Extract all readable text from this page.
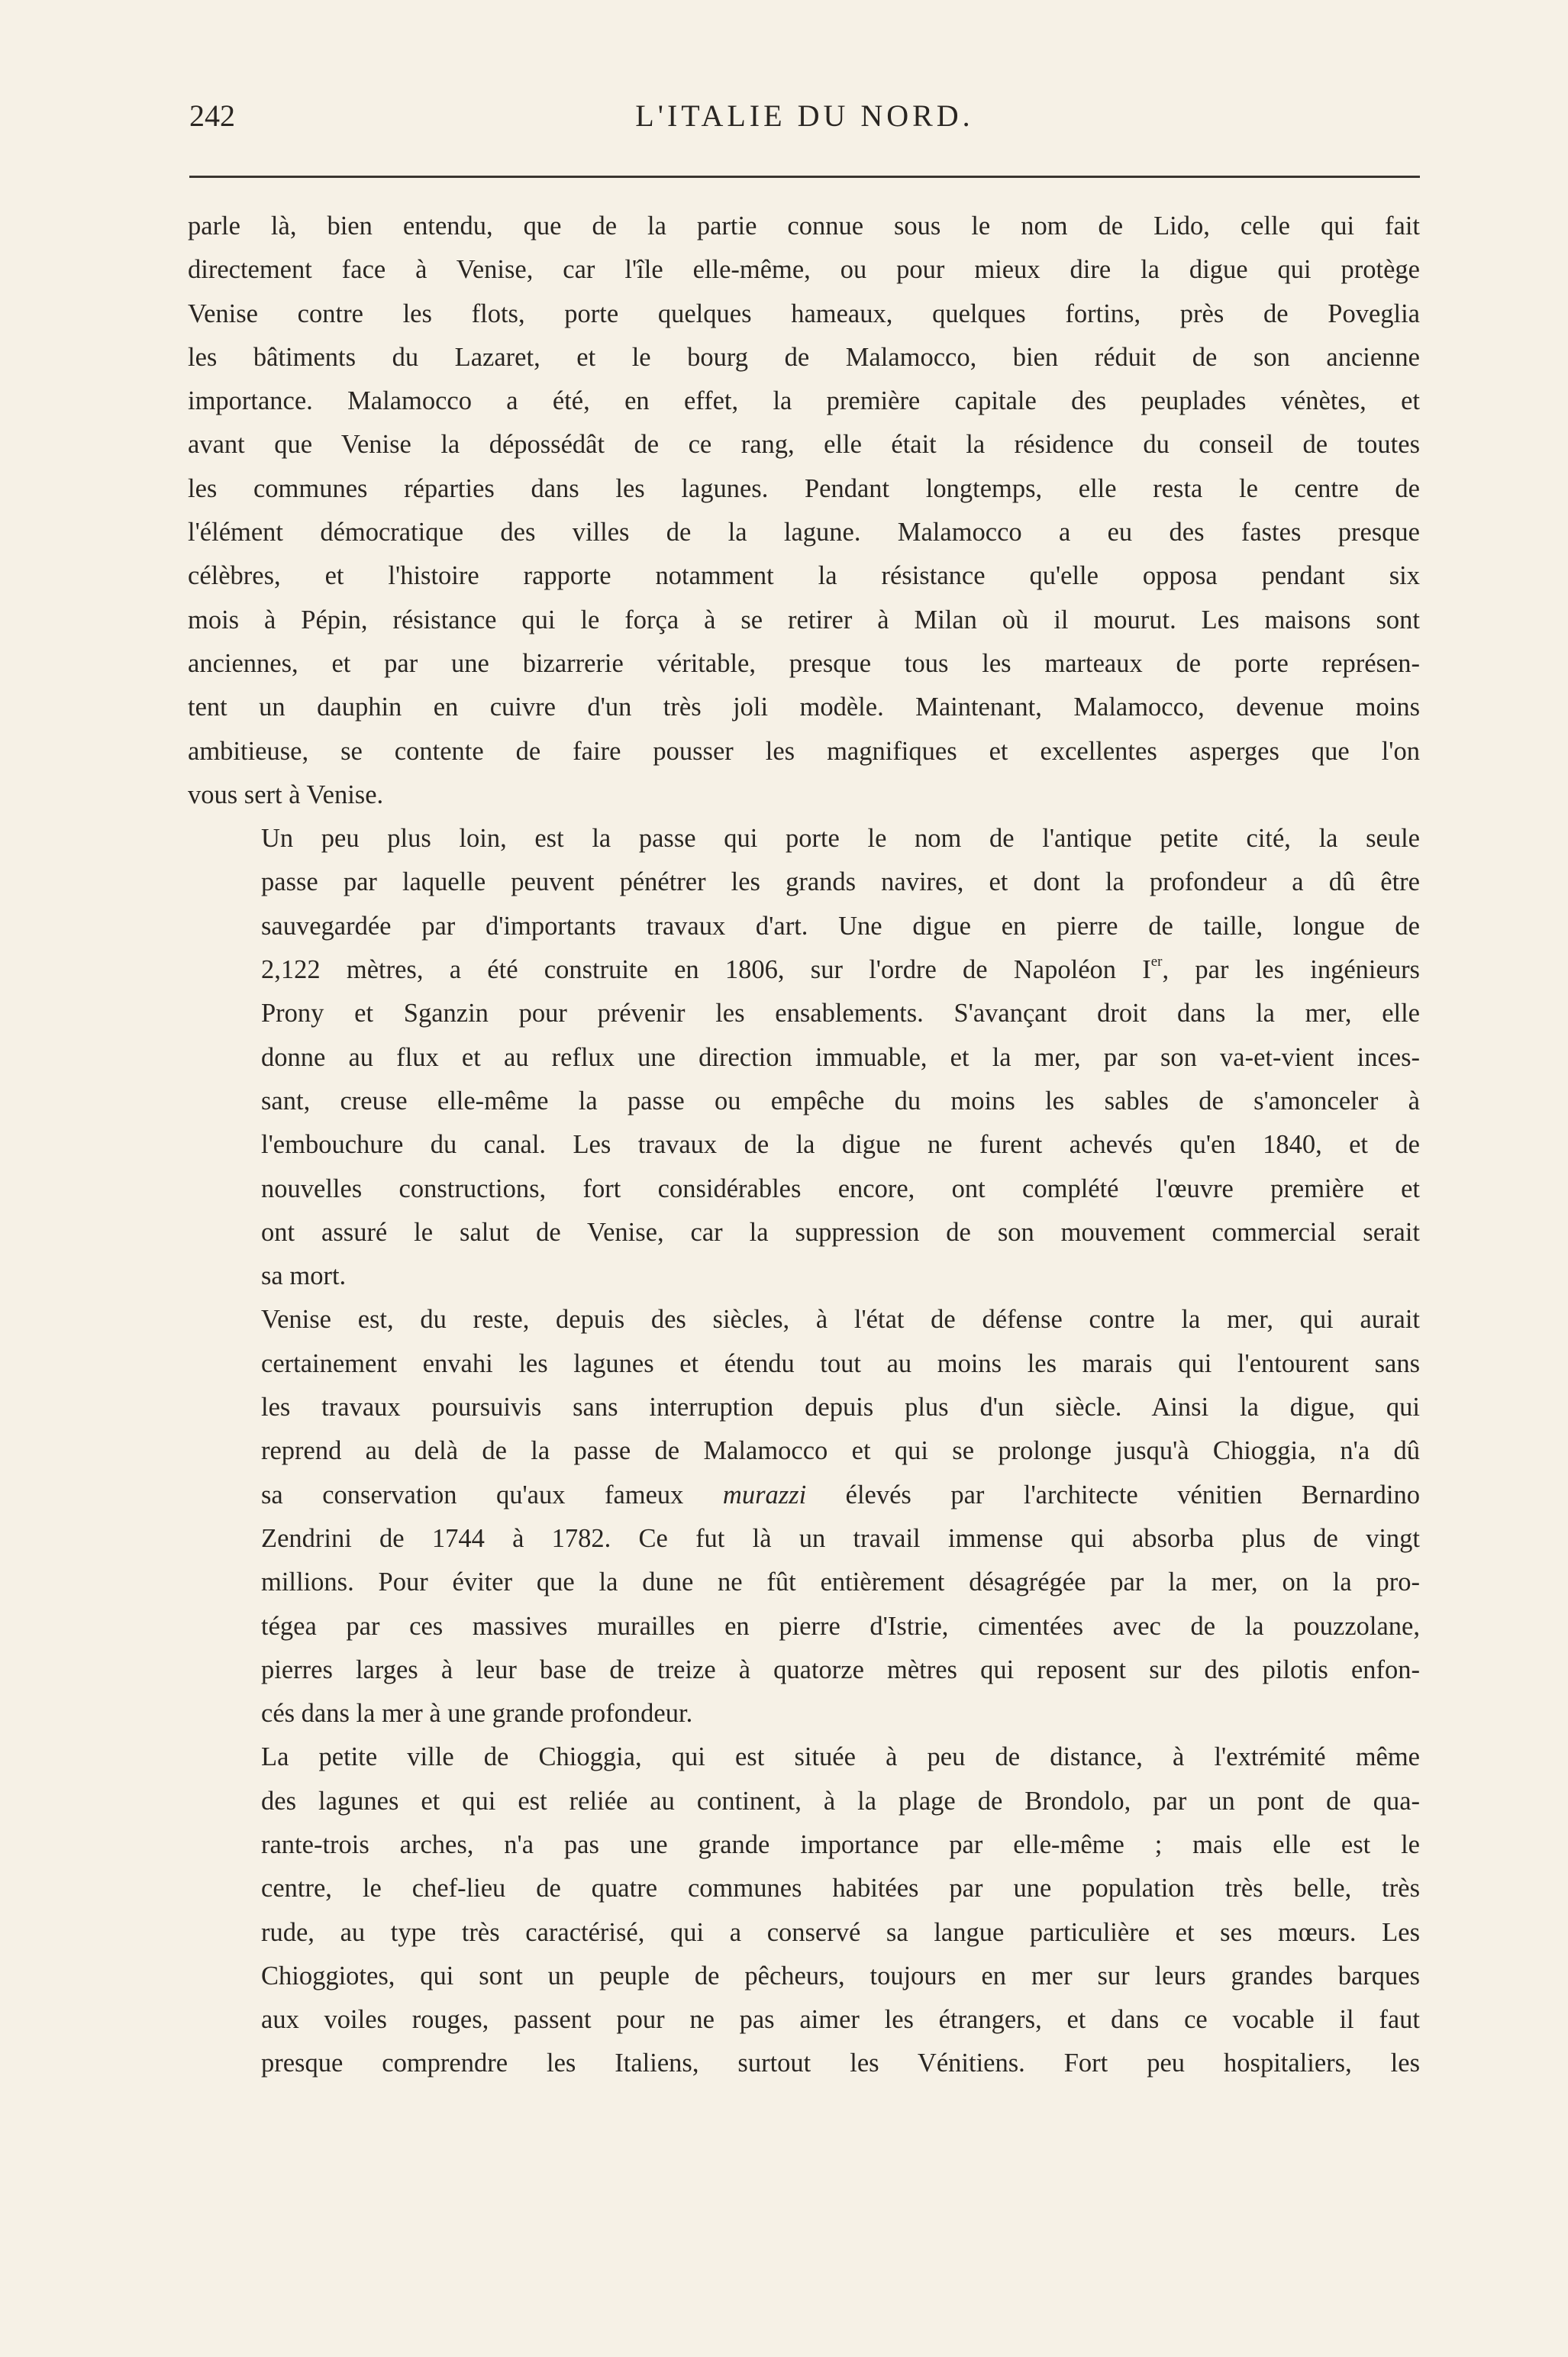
242	L'ITALIE DU NORD.

parle là, bien entendu, que de la partie connue sous le nom de Lido, celle qui fait
directement face à Venise, car l'île elle-même, ou pour mieux dire la digue qui protège
Venise contre les flots, porte quelques hameaux, quelques fortins, près de Poveglia
les bâtiments du Lazaret, et le bourg de Malamocco, bien réduit de son ancienne
importance. Malamocco a été, en effet, la première capitale des peuplades vénètes, et
avant que Venise la dépossédât de ce rang, elle était la résidence du conseil de toutes
les communes réparties dans les lagunes. Pendant longtemps, elle resta le centre de
l'élément démocratique des villes de la lagune. Malamocco a eu des fastes presque
célèbres, et l'histoire rapporte notamment la résistance qu'elle opposa pendant six
mois à Pépin, résistance qui le força à se retirer à Milan où il mourut. Les maisons sont
anciennes, et par une bizarrerie véritable, presque tous les marteaux de porte représen-
tent un dauphin en cuivre d'un très joli modèle. Maintenant, Malamocco, devenue moins
ambitieuse, se contente de faire pousser les magnifiques et excellentes asperges que l'on
vous sert à Venise.

Un peu plus loin, est la passe qui porte le nom de l'antique petite cité, la seule
passe par laquelle peuvent pénétrer les grands navires, et dont la profondeur a dû être
sauvegardée par d'importants travaux d'art. Une digue en pierre de taille, longue de
2,122 mètres, a été construite en 1806, sur l'ordre de Napoléon Ier, par les ingénieurs
Prony et Sganzin pour prévenir les ensablements. S'avançant droit dans la mer, elle
donne au flux et au reflux une direction immuable, et la mer, par son va-et-vient inces-
sant, creuse elle-même la passe ou empêche du moins les sables de s'amonceler à
l'embouchure du canal. Les travaux de la digue ne furent achevés qu'en 1840, et de
nouvelles constructions, fort considérables encore, ont complété l'œuvre première et
ont assuré le salut de Venise, car la suppression de son mouvement commercial serait
sa mort.

Venise est, du reste, depuis des siècles, à l'état de défense contre la mer, qui aurait
certainement envahi les lagunes et étendu tout au moins les marais qui l'entourent sans
les travaux poursuivis sans interruption depuis plus d'un siècle. Ainsi la digue, qui
reprend au delà de la passe de Malamocco et qui se prolonge jusqu'à Chioggia, n'a dû
sa conservation qu'aux fameux murazzi élevés par l'architecte vénitien Bernardino
Zendrini de 1744 à 1782. Ce fut là un travail immense qui absorba plus de vingt
millions. Pour éviter que la dune ne fût entièrement désagrégée par la mer, on la pro-
tégea par ces massives murailles en pierre d'Istrie, cimentées avec de la pouzzolane,
pierres larges à leur base de treize à quatorze mètres qui reposent sur des pilotis enfon-
cés dans la mer à une grande profondeur.

La petite ville de Chioggia, qui est située à peu de distance, à l'extrémité même
des lagunes et qui est reliée au continent, à la plage de Brondolo, par un pont de qua-
rante-trois arches, n'a pas une grande importance par elle-même ; mais elle est le
centre, le chef-lieu de quatre communes habitées par une population très belle, très
rude, au type très caractérisé, qui a conservé sa langue particulière et ses mœurs. Les
Chioggiotes, qui sont un peuple de pêcheurs, toujours en mer sur leurs grandes barques
aux voiles rouges, passent pour ne pas aimer les étrangers, et dans ce vocable il faut
presque comprendre les Italiens, surtout les Vénitiens. Fort peu hospitaliers, les
